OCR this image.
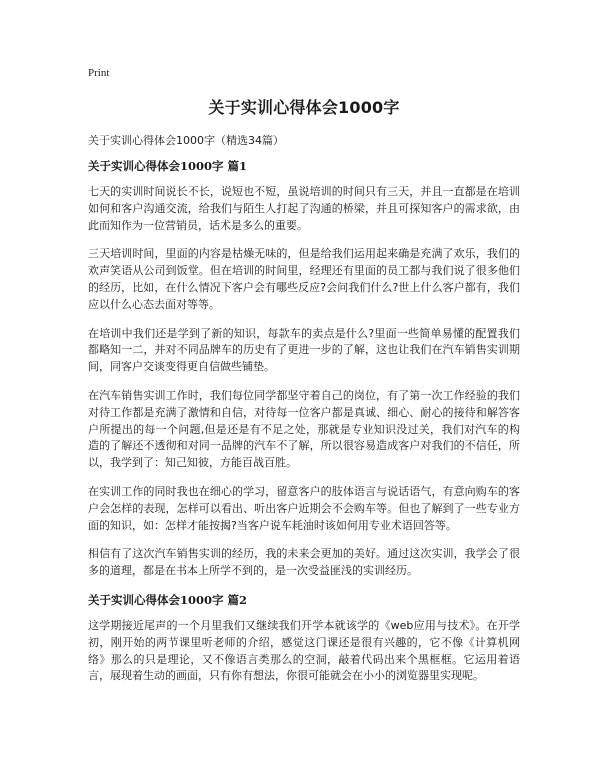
Print
关于实训心得体会1000字
关于实训心得体会1000字（精选34篇）
关于实训心得体会1000字 篇1

七天的实训时间说长不长，说短也不短，虽说培训的时间只有三天，并且一直都是在培训如何和客户沟通交流，给我们与陌生人打起了沟通的桥梁，并且可探知客户的需求欲，由此而知作为一位营销员，话术是多么的重要。

三天培训时间，里面的内容是枯燥无味的，但是给我们运用起来确是充满了欢乐，我们的欢声笑语从公司到饭堂。但在培训的时间里，经理还有里面的员工都与我们说了很多他们的经历，比如，在什么情况下客户会有哪些反应?会问我们什么?世上什么客户都有，我们应以什么心态去面对等等。

在培训中我们还是学到了新的知识，每款车的卖点是什么?里面一些简单易懂的配置我们都略知一二，并对不同品牌车的历史有了更进一步的了解，这也让我们在汽车销售实训期间，同客户交谈变得更自信做些铺垫。

在汽车销售实训工作时，我们每位同学都坚守着自己的岗位，有了第一次工作经验的我们对待工作都是充满了激情和自信，对待每一位客户都是真诚、细心、耐心的接待和解答客户所提出的每一个问题,但是还是有不足之处，那就是专业知识没过关，我们对汽车的构造的了解还不透彻和对同一品牌的汽车不了解，所以很容易造成客户对我们的不信任，所以，我学到了：知己知彼，方能百战百胜。

在实训工作的同时我也在细心的学习，留意客户的肢体语言与说话语气，有意向购车的客户会怎样的表现，怎样可以看出、听出客户近期会不会购车等。但也了解到了一些专业方面的知识，如：怎样才能按揭?当客户说车耗油时该如何用专业术语回答等。

相信有了这次汽车销售实训的经历，我的未来会更加的美好。通过这次实训，我学会了很多的道理，都是在书本上所学不到的，是一次受益匪浅的实训经历。

关于实训心得体会1000字 篇2

这学期接近尾声的一个月里我们又继续我们开学本就该学的《web应用与技术》。在开学初，刚开始的两节课里听老师的介绍，感觉这门课还是很有兴趣的，它不像《计算机网络》那么的只是理论，又不像语言类那么的空洞，敲着代码出来个黑框框。它运用着语言，展现着生动的画面，只有你有想法，你很可能就会在小小的浏览器里实现呢。
